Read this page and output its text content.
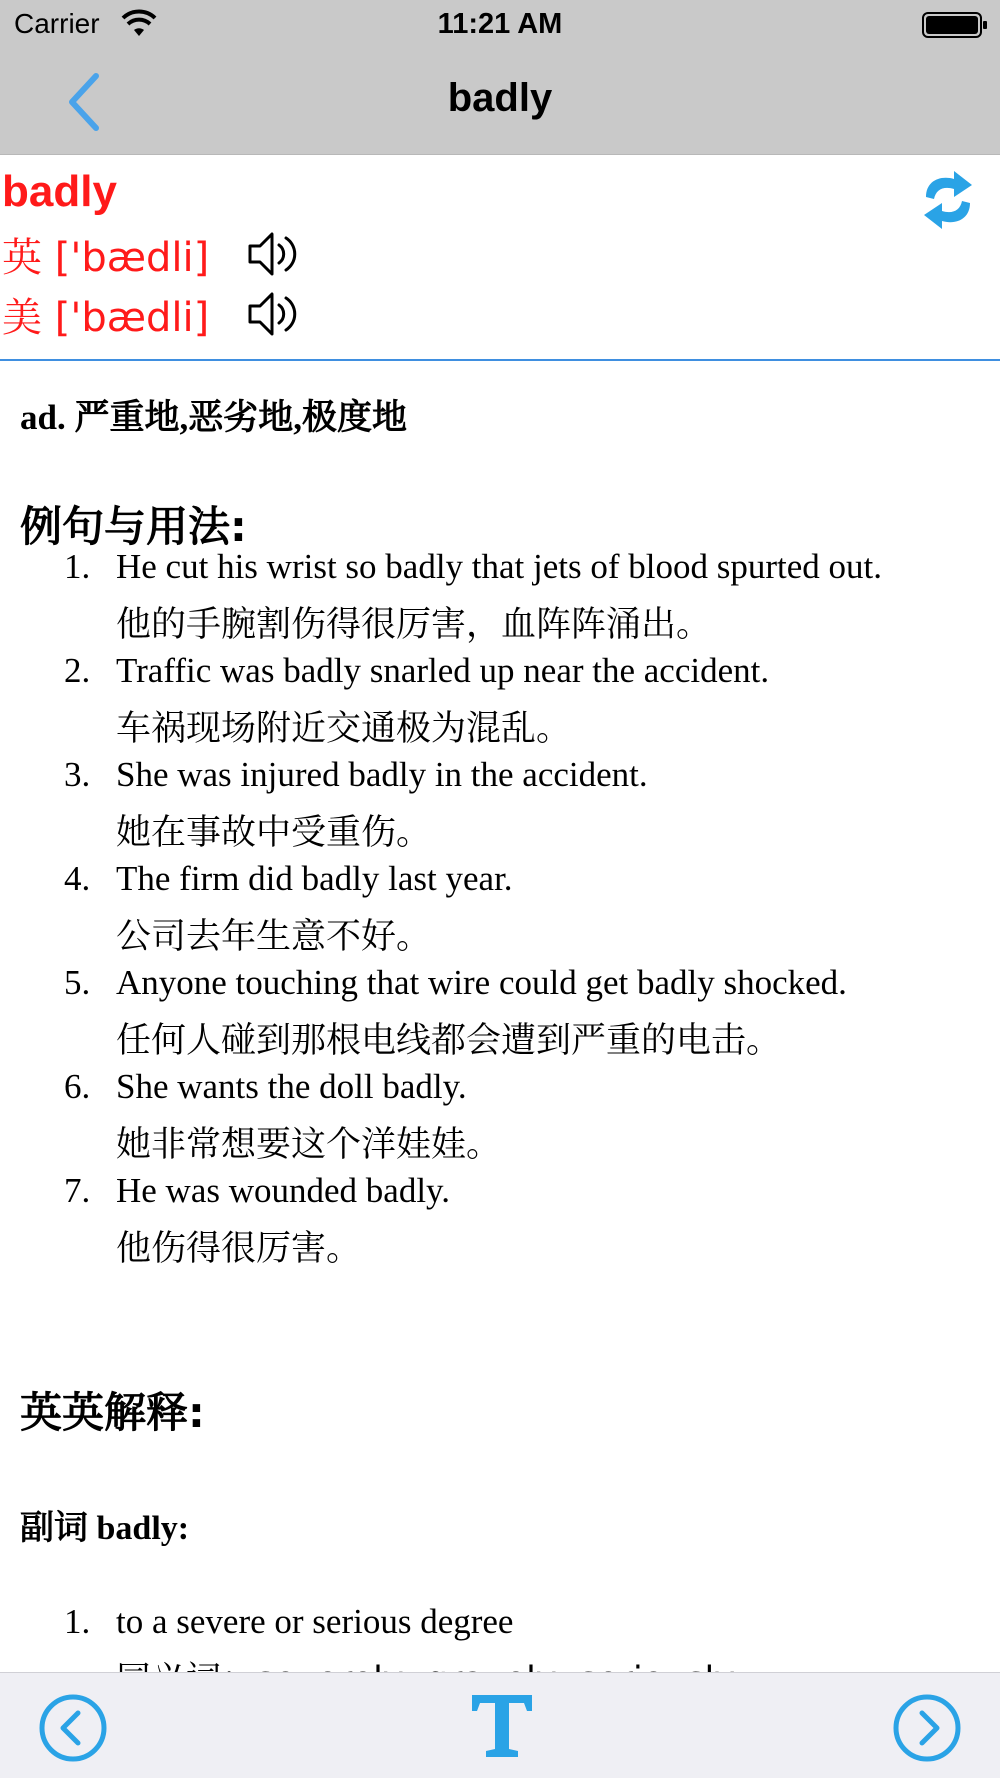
Carrier	11:21 AM
badly
badly
英 ['bædli]
美 ['bædli]
ad. 严重地,恶劣地,极度地
例句与用法:
1. He cut his wrist so badly that jets of blood spurted out.
他的手腕割伤得很厉害，血阵阵涌出。
2. Traffic was badly snarled up near the accident.
车祸现场附近交通极为混乱。
3. She was injured badly in the accident.
她在事故中受重伤。
4. The firm did badly last year.
公司去年生意不好。
5. Anyone touching that wire could get badly shocked.
任何人碰到那根电线都会遭到严重的电击。
6. She wants the doll badly.
她非常想要这个洋娃娃。
7. He was wounded badly.
他伤得很厉害。
英英解释:
副词 badly:
1. to a severe or serious degree
